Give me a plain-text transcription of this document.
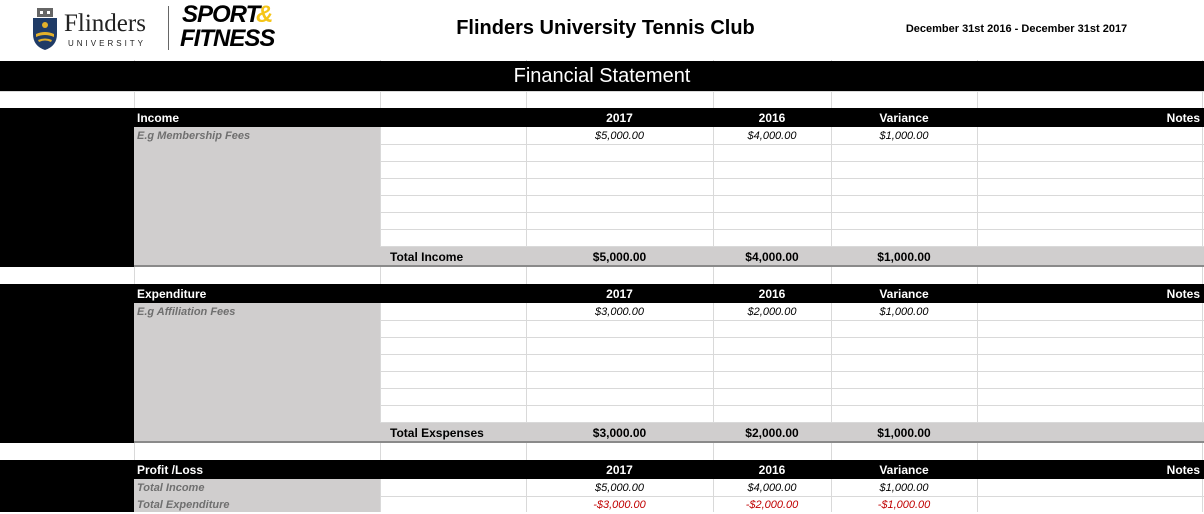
Flinders
UNIVERSITY
SPORT
&
FITNESS	Flinders University Tennis Club	December 31st 2016 - December 31st 2017
Financial Statement
Income	2017	2016	Variance	Notes
E.g Membership Fees	$5,000.00	$4,000.00	$1,000.00
Total Income	$5,000.00	$4,000.00	$1,000.00
Expenditure	2017	2016	Variance	Notes
E.g Affiliation Fees	$3,000.00	$2,000.00	$1,000.00
Total Exspenses	$3,000.00	$2,000.00	$1,000.00
Profit /Loss	2017	2016	Variance	Notes
Total Income	$5,000.00	$4,000.00	$1,000.00
Total Expenditure	-$3,000.00	-$2,000.00	-$1,000.00
